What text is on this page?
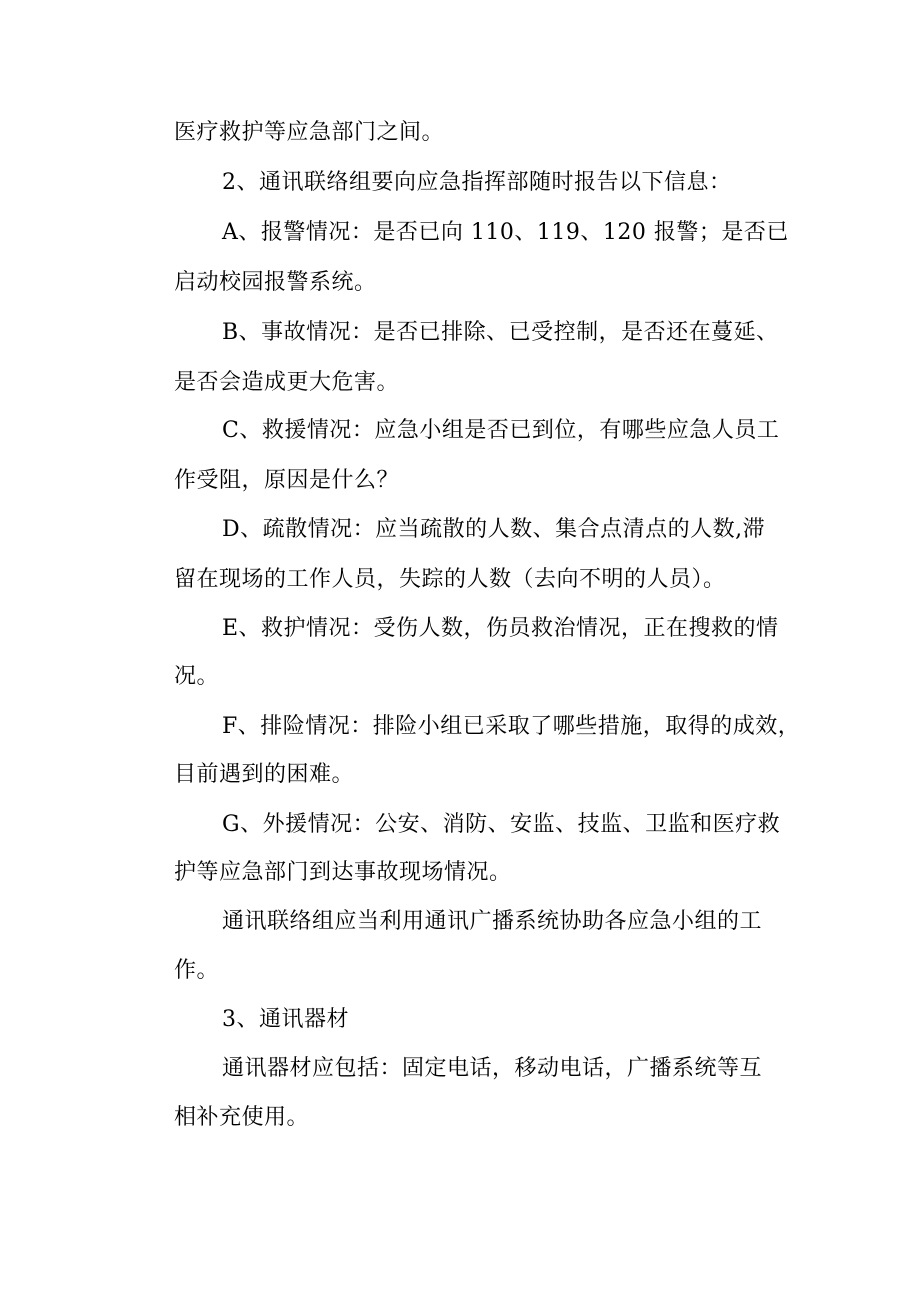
医疗救护等应急部门之间。
2、通讯联络组要向应急指挥部随时报告以下信息：
A、报警情况：是否已向 110、119、120 报警；是否已
启动校园报警系统。
B、事故情况：是否已排除、已受控制，是否还在蔓延、
是否会造成更大危害。
C、救援情况：应急小组是否已到位，有哪些应急人员工
作受阻，原因是什么？
D、疏散情况：应当疏散的人数、集合点清点的人数,滞
留在现场的工作人员，失踪的人数（去向不明的人员）。
E、救护情况：受伤人数，伤员救治情况，正在搜救的情
况。
F、排险情况：排险小组已采取了哪些措施，取得的成效，
目前遇到的困难。
G、外援情况：公安、消防、安监、技监、卫监和医疗救
护等应急部门到达事故现场情况。
通讯联络组应当利用通讯广播系统协助各应急小组的工
作。
3、通讯器材
通讯器材应包括：固定电话，移动电话，广播系统等互
相补充使用。
